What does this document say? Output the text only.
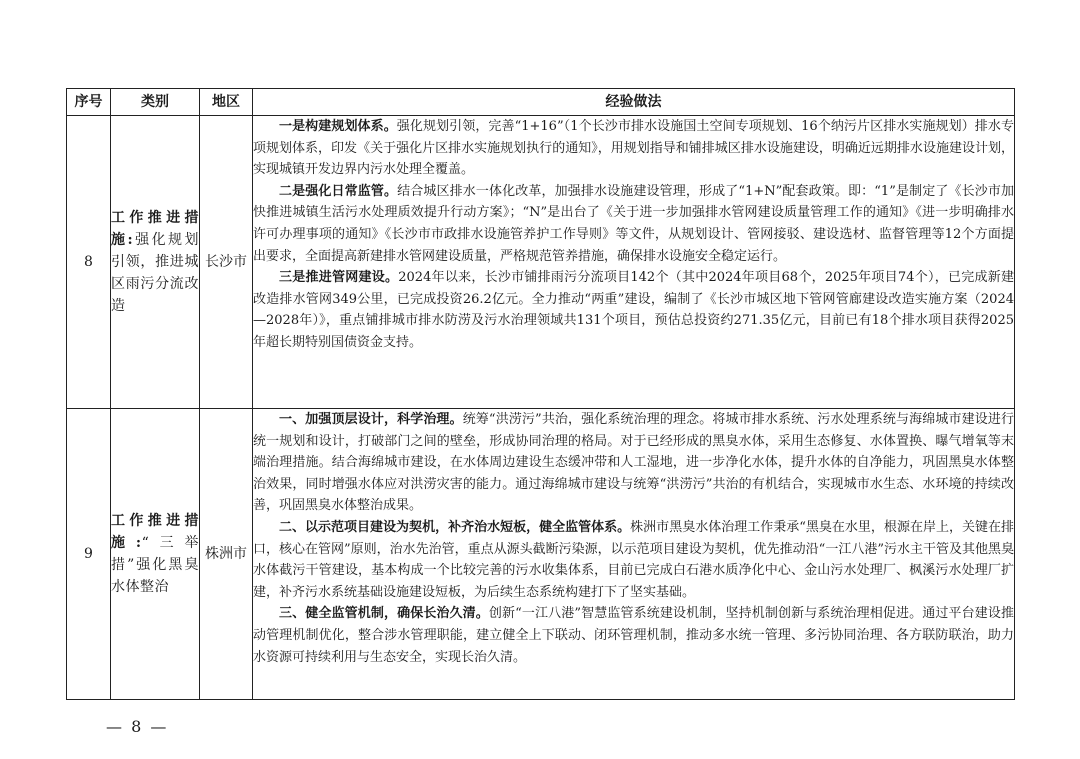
序号	类别	地区	经验做法
8	工作推进措施:强化规划引领，推进城区雨污分流改造	长沙市	一是构建规划体系。强化规划引领，完善“1+16”（1个长沙市排水设施国土空间专项规划、16个纳污片区排水实施规划）排水专项规划体系，印发《关于强化片区排水实施规划执行的通知》，用规划指导和铺排城区排水设施建设，明确近远期排水设施建设计划，实现城镇开发边界内污水处理全覆盖。

二是强化日常监管。结合城区排水一体化改革，加强排水设施建设管理，形成了“1+N”配套政策。即：“1”是制定了《长沙市加快推进城镇生活污水处理质效提升行动方案》；“N”是出台了《关于进一步加强排水管网建设质量管理工作的通知》《进一步明确排水许可办理事项的通知》《长沙市市政排水设施管养护工作导则》等文件，从规划设计、管网接驳、建设选材、监督管理等12个方面提出要求，全面提高新建排水管网建设质量，严格规范管养措施，确保排水设施安全稳定运行。

三是推进管网建设。2024年以来，长沙市铺排雨污分流项目142个（其中2024年项目68个，2025年项目74个），已完成新建改造排水管网349公里，已完成投资26.2亿元。全力推动“两重”建设，编制了《长沙市城区地下管网管廊建设改造实施方案（2024—2028年）》，重点铺排城市排水防涝及污水治理领域共131个项目，预估总投资约271.35亿元，目前已有18个排水项目获得2025年超长期特别国债资金支持。

9	工作推进措施:“三举措”强化黑臭水体整治	株洲市	一、加强顶层设计，科学治理。统筹“洪涝污”共治，强化系统治理的理念。将城市排水系统、污水处理系统与海绵城市建设进行统一规划和设计，打破部门之间的壁垒，形成协同治理的格局。对于已经形成的黑臭水体，采用生态修复、水体置换、曝气增氧等末端治理措施。结合海绵城市建设，在水体周边建设生态缓冲带和人工湿地，进一步净化水体，提升水体的自净能力，巩固黑臭水体整治效果，同时增强水体应对洪涝灾害的能力。通过海绵城市建设与统筹“洪涝污”共治的有机结合，实现城市水生态、水环境的持续改善，巩固黑臭水体整治成果。

二、以示范项目建设为契机，补齐治水短板，健全监管体系。株洲市黑臭水体治理工作秉承“黑臭在水里，根源在岸上，关键在排口，核心在管网”原则，治水先治管，重点从源头截断污染源，以示范项目建设为契机，优先推动沿“一江八港”污水主干管及其他黑臭水体截污干管建设，基本构成一个比较完善的污水收集体系，目前已完成白石港水质净化中心、金山污水处理厂、枫溪污水处理厂扩建，补齐污水系统基础设施建设短板，为后续生态系统构建打下了坚实基础。

三、健全监管机制，确保长治久清。创新“一江八港”智慧监管系统建设机制，坚持机制创新与系统治理相促进。通过平台建设推动管理机制优化，整合涉水管理职能，建立健全上下联动、闭环管理机制，推动多水统一管理、多污协同治理、各方联防联治，助力水资源可持续利用与生态安全，实现长治久清。

— 8 —
